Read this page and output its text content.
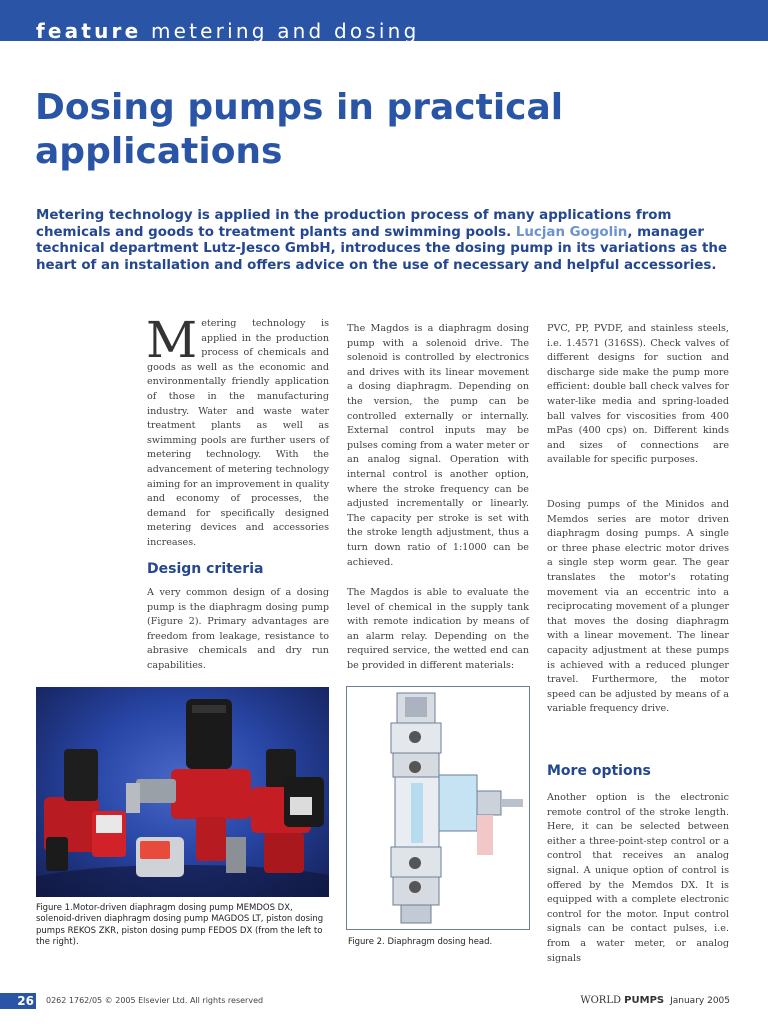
feature metering and dosing
Dosing pumps in practical applications

Metering technology is applied in the production process of many applications from chemicals and goods to treatment plants and swimming pools. Lucjan Gogolin, manager technical department Lutz-Jesco GmbH, introduces the dosing pump in its variations as the heart of an installation and offers advice on the use of necessary and helpful accessories.

Metering technology is applied in the production process of chemicals and goods as well as the economic and environmentally friendly application of those in the manufacturing industry. Water and waste water treatment plants as well as swimming pools are further users of metering technology. With the advancement of metering technology aiming for an improvement in quality and economy of processes, the demand for specifically designed metering devices and accessories increases.

Design criteria

A very common design of a dosing pump is the diaphragm dosing pump (Figure 2). Primary advantages are freedom from leakage, resistance to abrasive chemicals and dry run capabilities.

The Magdos is a diaphragm dosing pump with a solenoid drive. The solenoid is controlled by electronics and drives with its linear movement a dosing diaphragm. Depending on the version, the pump can be controlled externally or internally. External control inputs may be pulses coming from a water meter or an analog signal. Operation with internal control is another option, where the stroke frequency can be adjusted incrementally or linearly. The capacity per stroke is set with the stroke length adjustment, thus a turn down ratio of 1:1000 can be achieved.

The Magdos is able to evaluate the level of chemical in the supply tank with remote indication by means of an alarm relay. Depending on the required service, the wetted end can be provided in different materials:

PVC, PP, PVDF, and stainless steels, i.e. 1.4571 (316SS). Check valves of different designs for suction and discharge side make the pump more efficient: double ball check valves for water-like media and spring-loaded ball valves for viscosities from 400 mPas (400 cps) on. Different kinds and sizes of connections are available for specific purposes.

Dosing pumps of the Minidos and Memdos series are motor driven diaphragm dosing pumps. A single or three phase electric motor drives a single step worm gear. The gear translates the motor's rotating movement via an eccentric into a reciprocating movement of a plunger that moves the dosing diaphragm with a linear movement. The linear capacity adjustment at these pumps is achieved with a reduced plunger travel. Furthermore, the motor speed can be adjusted by means of a variable frequency drive.

More options

Another option is the electronic remote control of the stroke length. Here, it can be selected between either a three-point-step control or a control that receives an analog signal. A unique option of control is offered by the Memdos DX. It is equipped with a complete electronic control for the motor. Input control signals can be contact pulses, i.e. from a water meter, or analog signals

Figure 1.Motor-driven diaphragm dosing pump MEMDOS DX, solenoid-driven diaphragm dosing pump MAGDOS LT, piston dosing pumps REKOS ZKR, piston dosing pump FEDOS DX (from the left to the right).	Figure 2. Diaphragm dosing head.

26 0262 1762/05 © 2005 Elsevier Ltd. All rights reserved	WORLD PUMPS January 2005
